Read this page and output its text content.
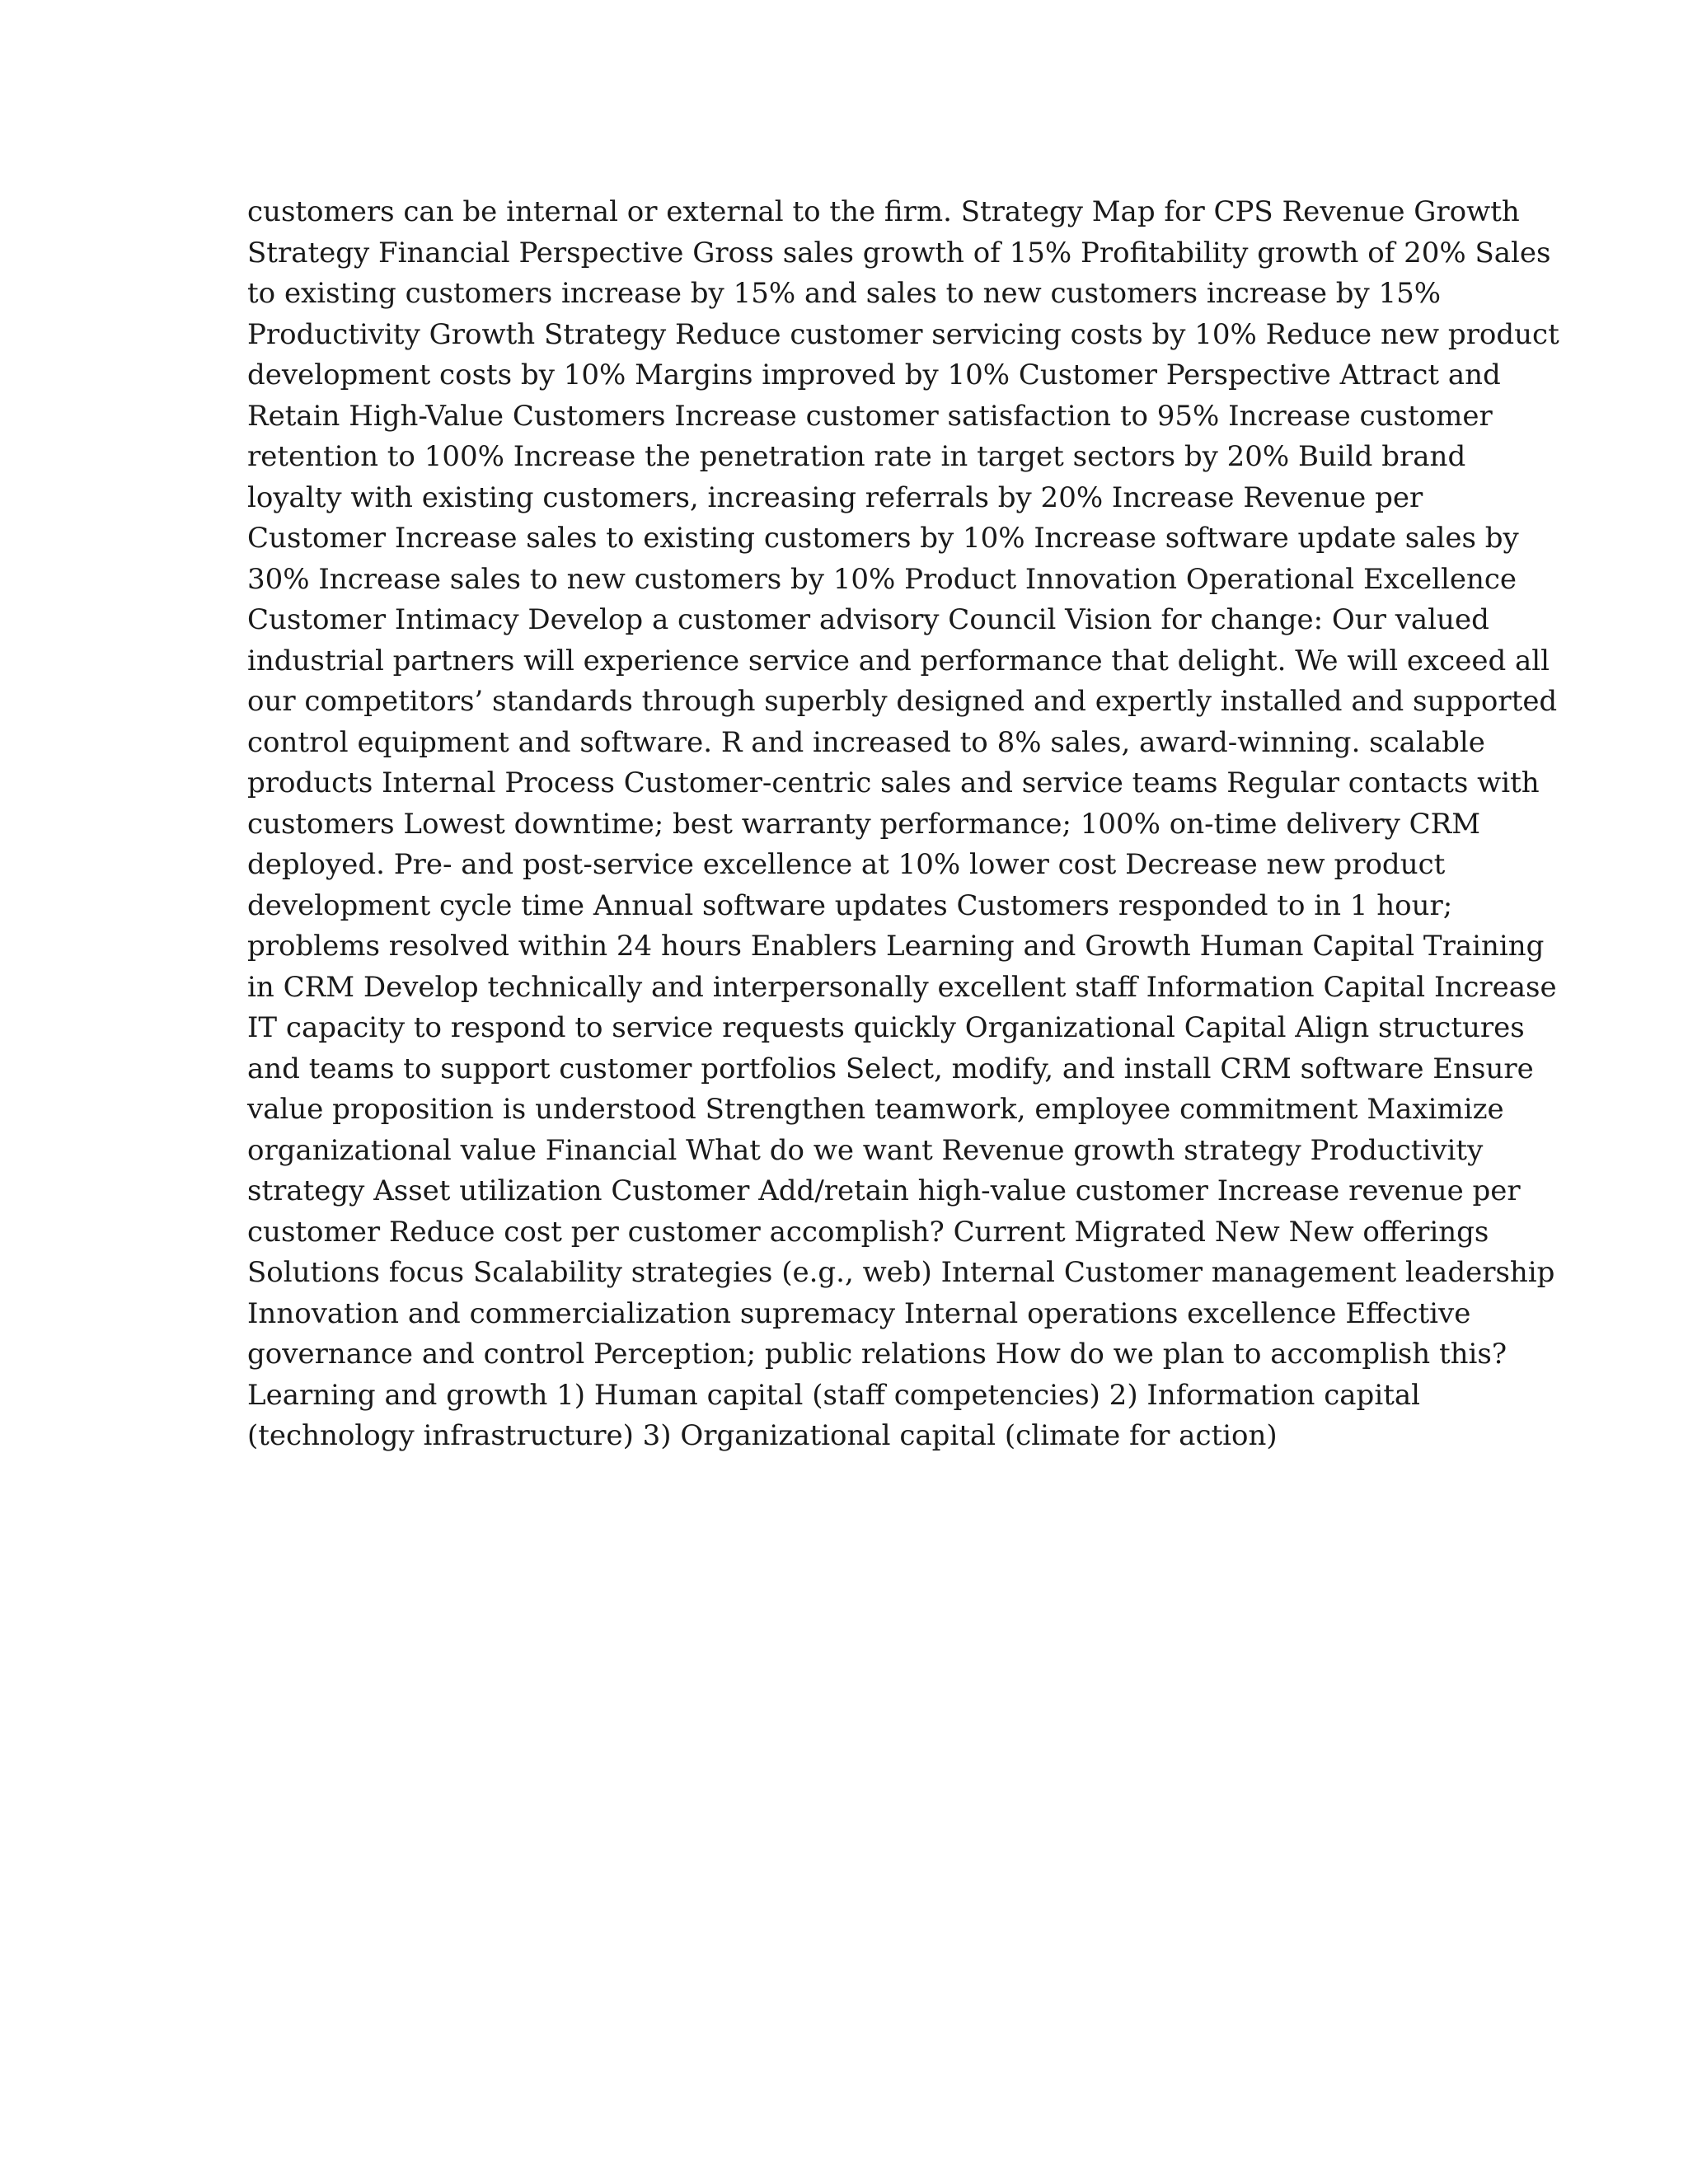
customers can be internal or external to the firm. Strategy Map for CPS Revenue Growth
Strategy Financial Perspective Gross sales growth of 15% Profitability growth of 20% Sales
to existing customers increase by 15% and sales to new customers increase by 15%
Productivity Growth Strategy Reduce customer servicing costs by 10% Reduce new product
development costs by 10% Margins improved by 10% Customer Perspective Attract and
Retain High-Value Customers Increase customer satisfaction to 95% Increase customer
retention to 100% Increase the penetration rate in target sectors by 20% Build brand
loyalty with existing customers, increasing referrals by 20% Increase Revenue per
Customer Increase sales to existing customers by 10% Increase software update sales by
30% Increase sales to new customers by 10% Product Innovation Operational Excellence
Customer Intimacy Develop a customer advisory Council Vision for change: Our valued
industrial partners will experience service and performance that delight. We will exceed all
our competitors’ standards through superbly designed and expertly installed and supported
control equipment and software. R and increased to 8% sales, award-winning. scalable
products Internal Process Customer-centric sales and service teams Regular contacts with
customers Lowest downtime; best warranty performance; 100% on-time delivery CRM
deployed. Pre- and post-service excellence at 10% lower cost Decrease new product
development cycle time Annual software updates Customers responded to in 1 hour;
problems resolved within 24 hours Enablers Learning and Growth Human Capital Training
in CRM Develop technically and interpersonally excellent staff Information Capital Increase
IT capacity to respond to service requests quickly Organizational Capital Align structures
and teams to support customer portfolios Select, modify, and install CRM software Ensure
value proposition is understood Strengthen teamwork, employee commitment Maximize
organizational value Financial What do we want Revenue growth strategy Productivity
strategy Asset utilization Customer Add/retain high-value customer Increase revenue per
customer Reduce cost per customer accomplish? Current Migrated New New offerings
Solutions focus Scalability strategies (e.g., web) Internal Customer management leadership
Innovation and commercialization supremacy Internal operations excellence Effective
governance and control Perception; public relations How do we plan to accomplish this?
Learning and growth 1) Human capital (staff competencies) 2) Information capital
(technology infrastructure) 3) Organizational capital (climate for action)
